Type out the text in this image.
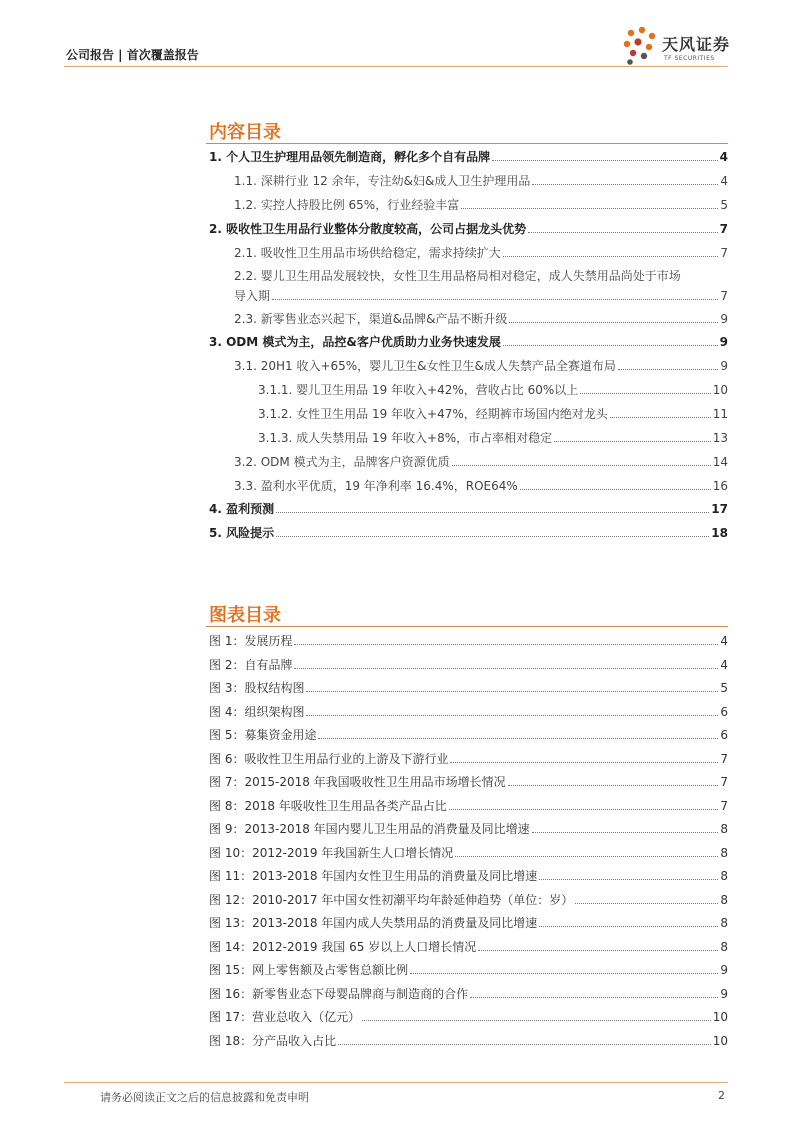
公司报告 | 首次覆盖报告
天风证券
TF SECURITIES
内容目录
1. 个人卫生护理用品领先制造商，孵化多个自有品牌	4
1.1. 深耕行业 12 余年，专注幼&妇&成人卫生护理用品	4
1.2. 实控人持股比例 65%，行业经验丰富	5
2. 吸收性卫生用品行业整体分散度较高，公司占据龙头优势	7
2.1. 吸收性卫生用品市场供给稳定，需求持续扩大	7
2.2. 婴儿卫生用品发展较快，女性卫生用品格局相对稳定，成人失禁用品尚处于市场
导入期	7
2.3. 新零售业态兴起下，渠道&品牌&产品不断升级	9
3. ODM 模式为主，品控&客户优质助力业务快速发展	9
3.1. 20H1 收入+65%，婴儿卫生&女性卫生&成人失禁产品全赛道布局	9
3.1.1. 婴儿卫生用品 19 年收入+42%，营收占比 60%以上	10
3.1.2. 女性卫生用品 19 年收入+47%，经期裤市场国内绝对龙头	11
3.1.3. 成人失禁用品 19 年收入+8%，市占率相对稳定	13
3.2. ODM 模式为主，品牌客户资源优质	14
3.3. 盈利水平优质，19 年净利率 16.4%，ROE64%	16
4. 盈利预测	17
5. 风险提示	18
图表目录
图 1：发展历程	4
图 2：自有品牌	4
图 3：股权结构图	5
图 4：组织架构图	6
图 5：募集资金用途	6
图 6：吸收性卫生用品行业的上游及下游行业	7
图 7：2015-2018 年我国吸收性卫生用品市场增长情况	7
图 8：2018 年吸收性卫生用品各类产品占比	7
图 9：2013-2018 年国内婴儿卫生用品的消费量及同比增速	8
图 10：2012-2019 年我国新生人口增长情况	8
图 11：2013-2018 年国内女性卫生用品的消费量及同比增速	8
图 12：2010-2017 年中国女性初潮平均年龄延伸趋势（单位：岁）	8
图 13：2013-2018 年国内成人失禁用品的消费量及同比增速	8
图 14：2012-2019 我国 65 岁以上人口增长情况	8
图 15：网上零售额及占零售总额比例	9
图 16：新零售业态下母婴品牌商与制造商的合作	9
图 17：营业总收入（亿元）	10
图 18：分产品收入占比	10
请务必阅读正文之后的信息披露和免责申明	2
